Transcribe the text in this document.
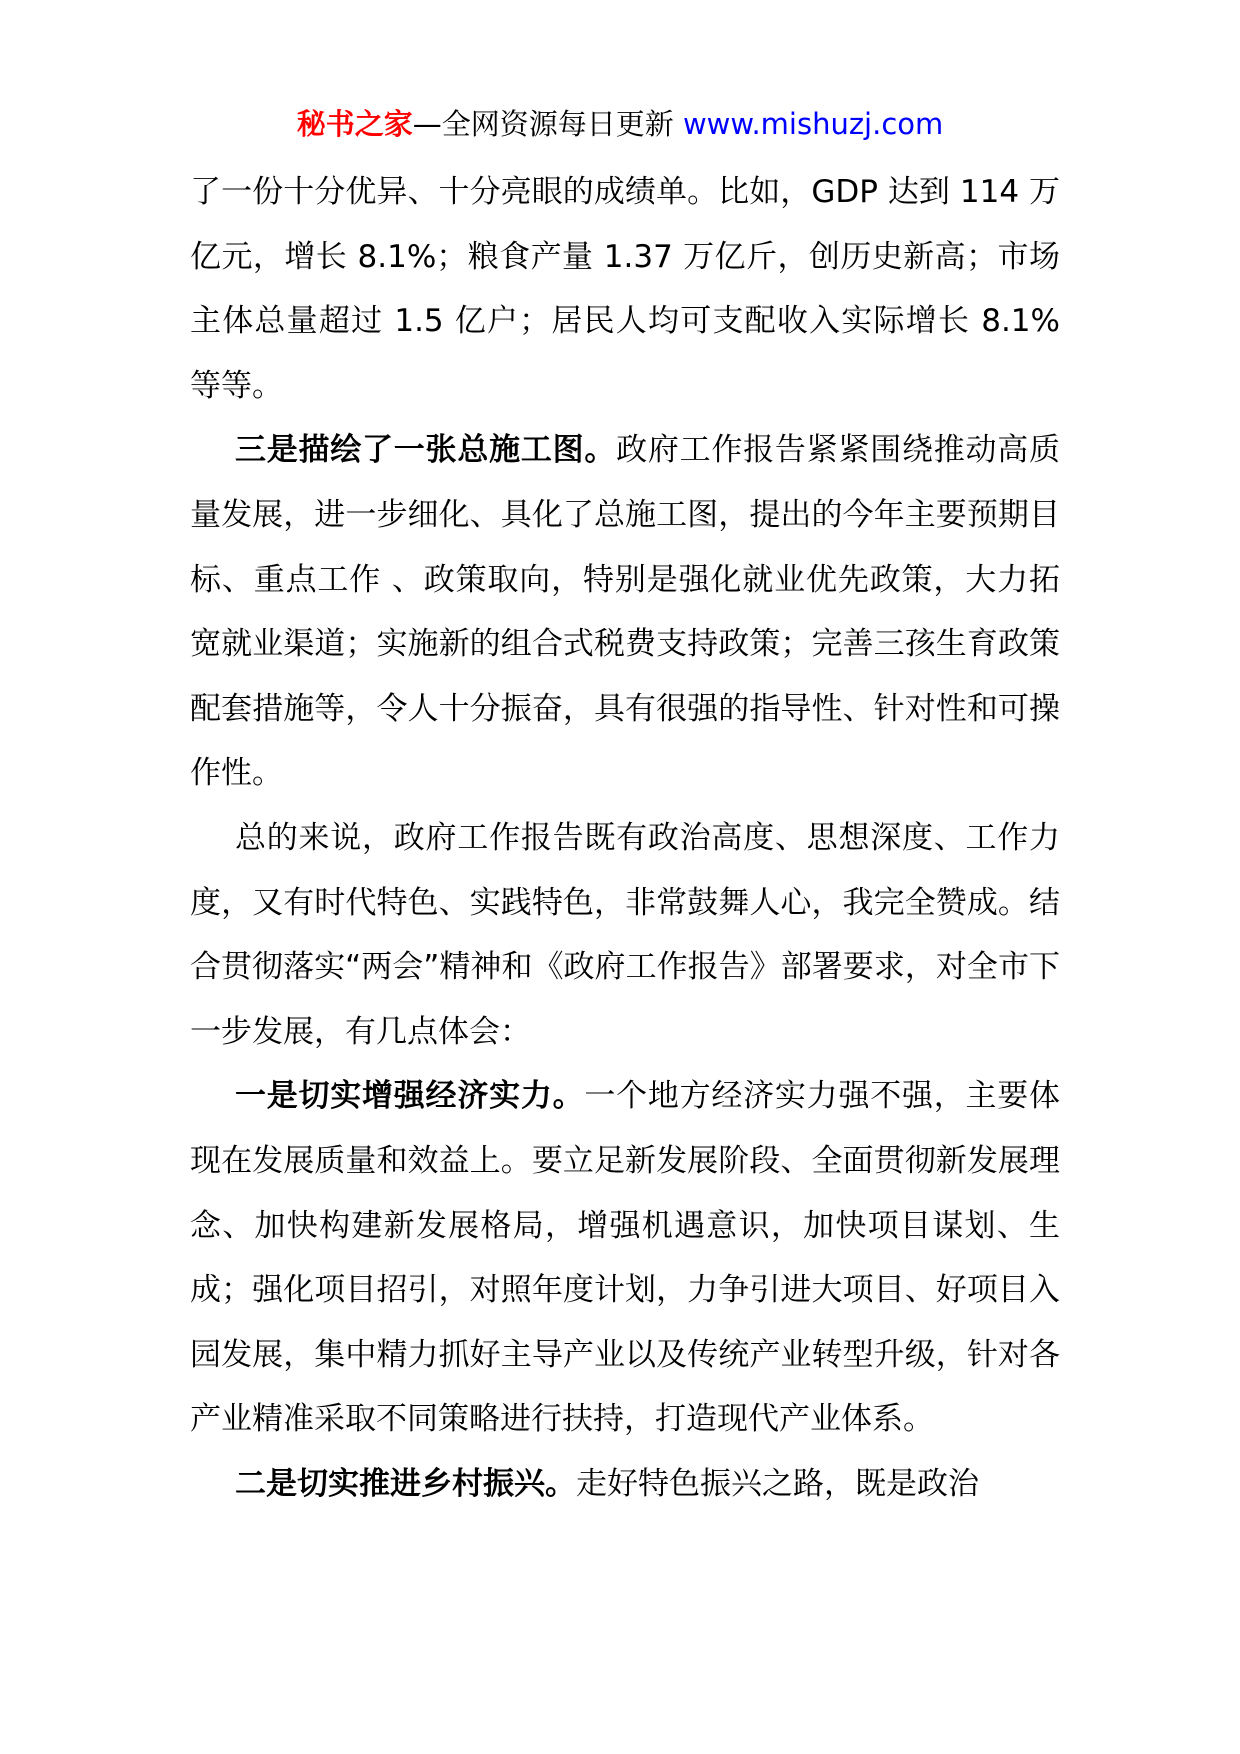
秘书之家—全网资源每日更新 www.mishuzj.com

了一份十分优异、十分亮眼的成绩单。比如，GDP 达到 114 万亿元，增长 8.1%；粮食产量 1.37 万亿斤，创历史新高；市场主体总量超过 1.5 亿户；居民人均可支配收入实际增长 8.1%等等。

三是描绘了一张总施工图。政府工作报告紧紧围绕推动高质量发展，进一步细化、具化了总施工图，提出的今年主要预期目标、重点工作 、政策取向，特别是强化就业优先政策，大力拓宽就业渠道；实施新的组合式税费支持政策；完善三孩生育政策配套措施等，令人十分振奋，具有很强的指导性、针对性和可操作性。

总的来说，政府工作报告既有政治高度、思想深度、工作力度，又有时代特色、实践特色，非常鼓舞人心，我完全赞成。结合贯彻落实“两会”精神和《政府工作报告》部署要求，对全市下一步发展，有几点体会：

一是切实增强经济实力。一个地方经济实力强不强，主要体现在发展质量和效益上。要立足新发展阶段、全面贯彻新发展理念、加快构建新发展格局，增强机遇意识，加快项目谋划、生成；强化项目招引，对照年度计划，力争引进大项目、好项目入园发展，集中精力抓好主导产业以及传统产业转型升级，针对各产业精准采取不同策略进行扶持，打造现代产业体系。

二是切实推进乡村振兴。走好特色振兴之路，既是政治
